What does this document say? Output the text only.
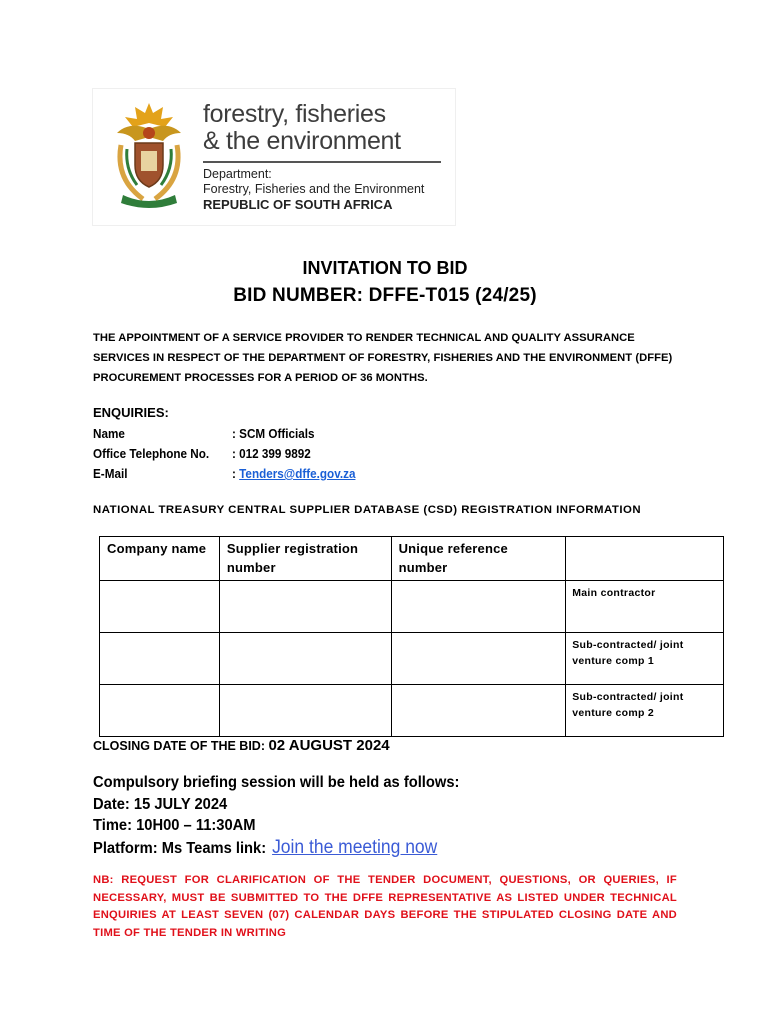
forestry, fisheries
& the environment
Department:
Forestry, Fisheries and the Environment
REPUBLIC OF SOUTH AFRICA
INVITATION TO BID
BID NUMBER: DFFE-T015 (24/25)
THE APPOINTMENT OF A SERVICE PROVIDER TO RENDER TECHNICAL AND QUALITY ASSURANCE SERVICES IN RESPECT OF THE DEPARTMENT OF FORESTRY, FISHERIES AND THE ENVIRONMENT (DFFE) PROCUREMENT PROCESSES FOR A PERIOD OF 36 MONTHS.
ENQUIRIES:
Name	: SCM Officials
Office Telephone No. : 012 399 9892
E-Mail	: Tenders@dffe.gov.za
NATIONAL TREASURY CENTRAL SUPPLIER DATABASE (CSD) REGISTRATION INFORMATION
Company name	Supplier registration number	Unique reference number	
			Main contractor
			Sub-contracted/ joint venture comp 1
			Sub-contracted/ joint venture comp 2
CLOSING DATE OF THE BID: 02 AUGUST 2024
Compulsory briefing session will be held as follows:
Date: 15 JULY 2024
Time: 10H00 – 11:30AM
Platform: Ms Teams link: Join the meeting now
NB: REQUEST FOR CLARIFICATION OF THE TENDER DOCUMENT, QUESTIONS, OR QUERIES, IF NECESSARY, MUST BE SUBMITTED TO THE DFFE REPRESENTATIVE AS LISTED UNDER TECHNICAL ENQUIRIES AT LEAST SEVEN (07) CALENDAR DAYS BEFORE THE STIPULATED CLOSING DATE AND TIME OF THE TENDER IN WRITING
